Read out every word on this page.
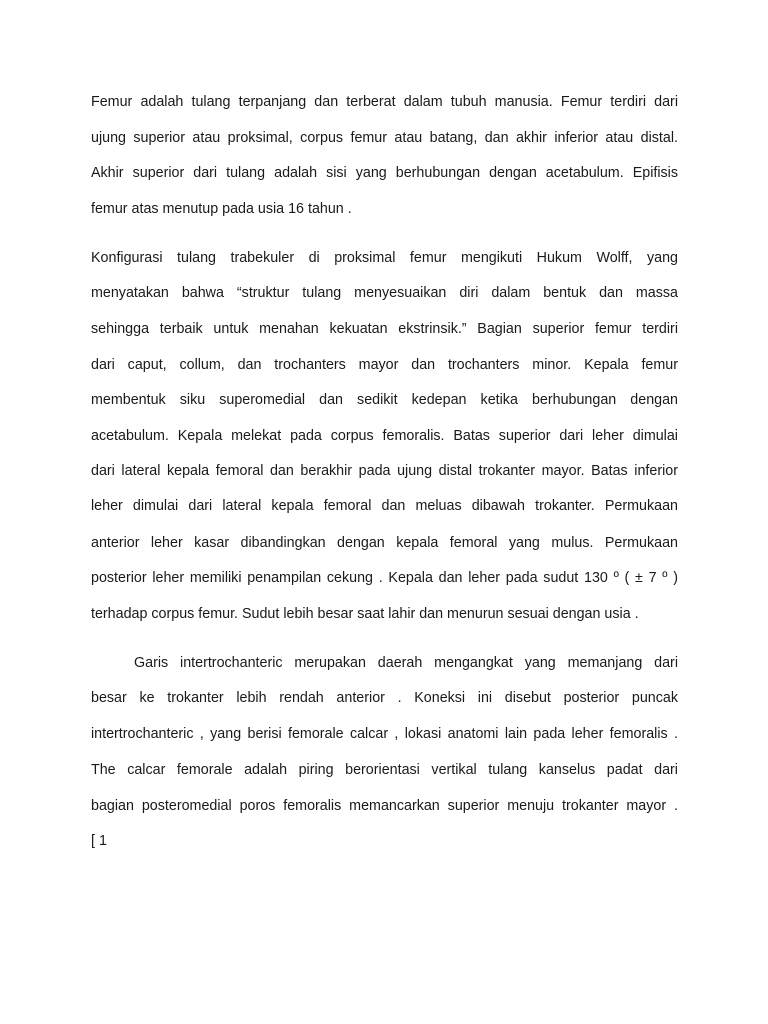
Femur adalah tulang terpanjang dan terberat dalam tubuh manusia. Femur terdiri dari
ujung superior atau proksimal, corpus femur atau batang, dan akhir inferior atau distal.
Akhir superior dari tulang adalah sisi yang berhubungan dengan acetabulum. Epifisis
femur atas menutup pada usia 16 tahun .
Konfigurasi tulang trabekuler di proksimal femur mengikuti Hukum Wolff, yang
menyatakan bahwa “struktur tulang menyesuaikan diri dalam bentuk dan massa
sehingga terbaik untuk menahan kekuatan ekstrinsik.” Bagian superior femur terdiri
dari caput, collum, dan trochanters mayor dan trochanters minor. Kepala femur
membentuk siku superomedial dan sedikit kedepan ketika berhubungan dengan
acetabulum. Kepala melekat pada corpus femoralis. Batas superior dari leher dimulai
dari lateral kepala femoral dan berakhir pada ujung distal trokanter mayor. Batas inferior
leher dimulai dari lateral kepala femoral dan meluas dibawah trokanter. Permukaan
anterior leher kasar dibandingkan dengan kepala femoral yang mulus. Permukaan
posterior leher memiliki penampilan cekung . Kepala dan leher pada sudut 130 º ( ± 7 º )
terhadap corpus femur. Sudut lebih besar saat lahir dan menurun sesuai dengan usia .
Garis intertrochanteric merupakan daerah mengangkat yang memanjang dari
besar ke trokanter lebih rendah anterior . Koneksi ini disebut posterior puncak
intertrochanteric , yang berisi femorale calcar , lokasi anatomi lain pada leher femoralis .
The calcar femorale adalah piring berorientasi vertikal tulang kanselus padat dari
bagian posteromedial poros femoralis memancarkan superior menuju trokanter mayor .
[ 1
